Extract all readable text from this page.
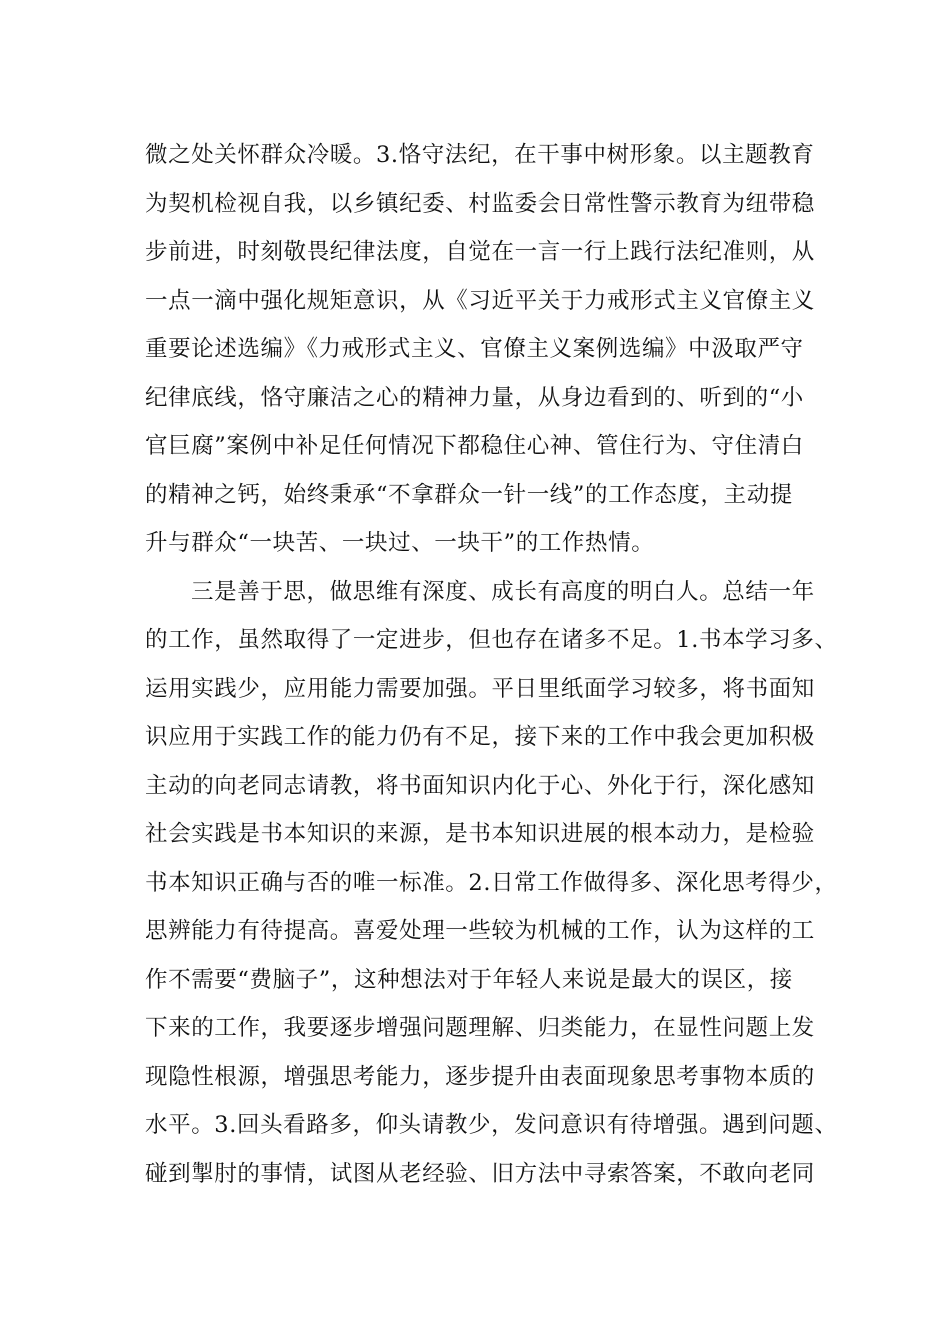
微之处关怀群众冷暖。3.恪守法纪，在干事中树形象。以主题教育
为契机检视自我，以乡镇纪委、村监委会日常性警示教育为纽带稳
步前进，时刻敬畏纪律法度，自觉在一言一行上践行法纪准则，从
一点一滴中强化规矩意识，从《习近平关于力戒形式主义官僚主义
重要论述选编》《力戒形式主义、官僚主义案例选编》中汲取严守
纪律底线，恪守廉洁之心的精神力量，从身边看到的、听到的“小
官巨腐”案例中补足任何情况下都稳住心神、管住行为、守住清白
的精神之钙，始终秉承“不拿群众一针一线”的工作态度，主动提
升与群众“一块苦、一块过、一块干”的工作热情。
三是善于思，做思维有深度、成长有高度的明白人。总结一年
的工作，虽然取得了一定进步，但也存在诸多不足。1.书本学习多、
运用实践少，应用能力需要加强。平日里纸面学习较多，将书面知
识应用于实践工作的能力仍有不足，接下来的工作中我会更加积极
主动的向老同志请教，将书面知识内化于心、外化于行，深化感知
社会实践是书本知识的来源，是书本知识进展的根本动力，是检验
书本知识正确与否的唯一标准。2.日常工作做得多、深化思考得少，
思辨能力有待提高。喜爱处理一些较为机械的工作，认为这样的工
作不需要“费脑子”，这种想法对于年轻人来说是最大的误区，接
下来的工作，我要逐步增强问题理解、归类能力，在显性问题上发
现隐性根源，增强思考能力，逐步提升由表面现象思考事物本质的
水平。3.回头看路多，仰头请教少，发问意识有待增强。遇到问题、
碰到掣肘的事情，试图从老经验、旧方法中寻索答案，不敢向老同
